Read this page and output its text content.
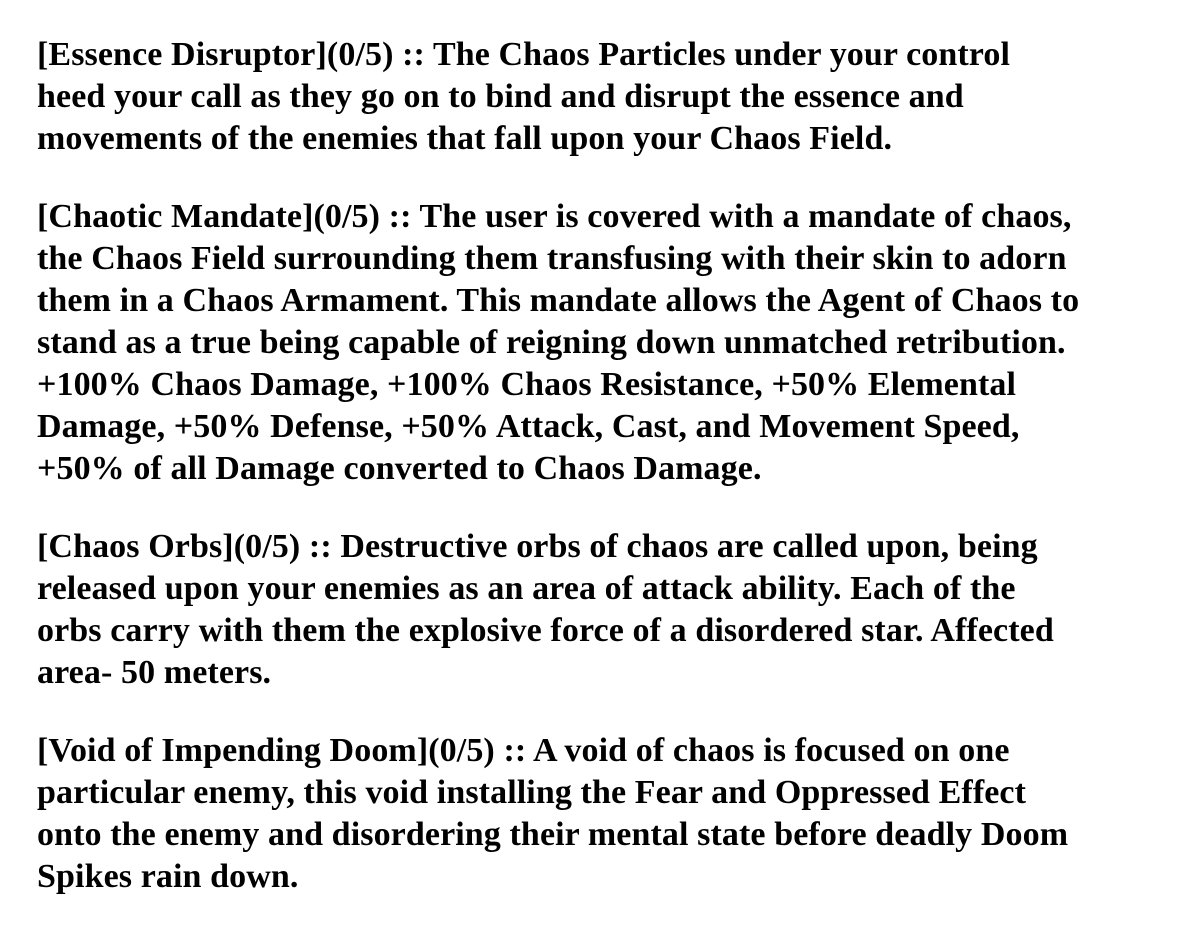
[Essence Disruptor](0/5) :: The Chaos Particles under your control
heed your call as they go on to bind and disrupt the essence and
movements of the enemies that fall upon your Chaos Field.
[Chaotic Mandate](0/5) :: The user is covered with a mandate of chaos,
the Chaos Field surrounding them transfusing with their skin to adorn
them in a Chaos Armament. This mandate allows the Agent of Chaos to
stand as a true being capable of reigning down unmatched retribution.
+100% Chaos Damage, +100% Chaos Resistance, +50% Elemental
Damage, +50% Defense, +50% Attack, Cast, and Movement Speed,
+50% of all Damage converted to Chaos Damage.
[Chaos Orbs](0/5) :: Destructive orbs of chaos are called upon, being
released upon your enemies as an area of attack ability. Each of the
orbs carry with them the explosive force of a disordered star. Affected
area- 50 meters.
[Void of Impending Doom](0/5) :: A void of chaos is focused on one
particular enemy, this void installing the Fear and Oppressed Effect
onto the enemy and disordering their mental state before deadly Doom
Spikes rain down.
